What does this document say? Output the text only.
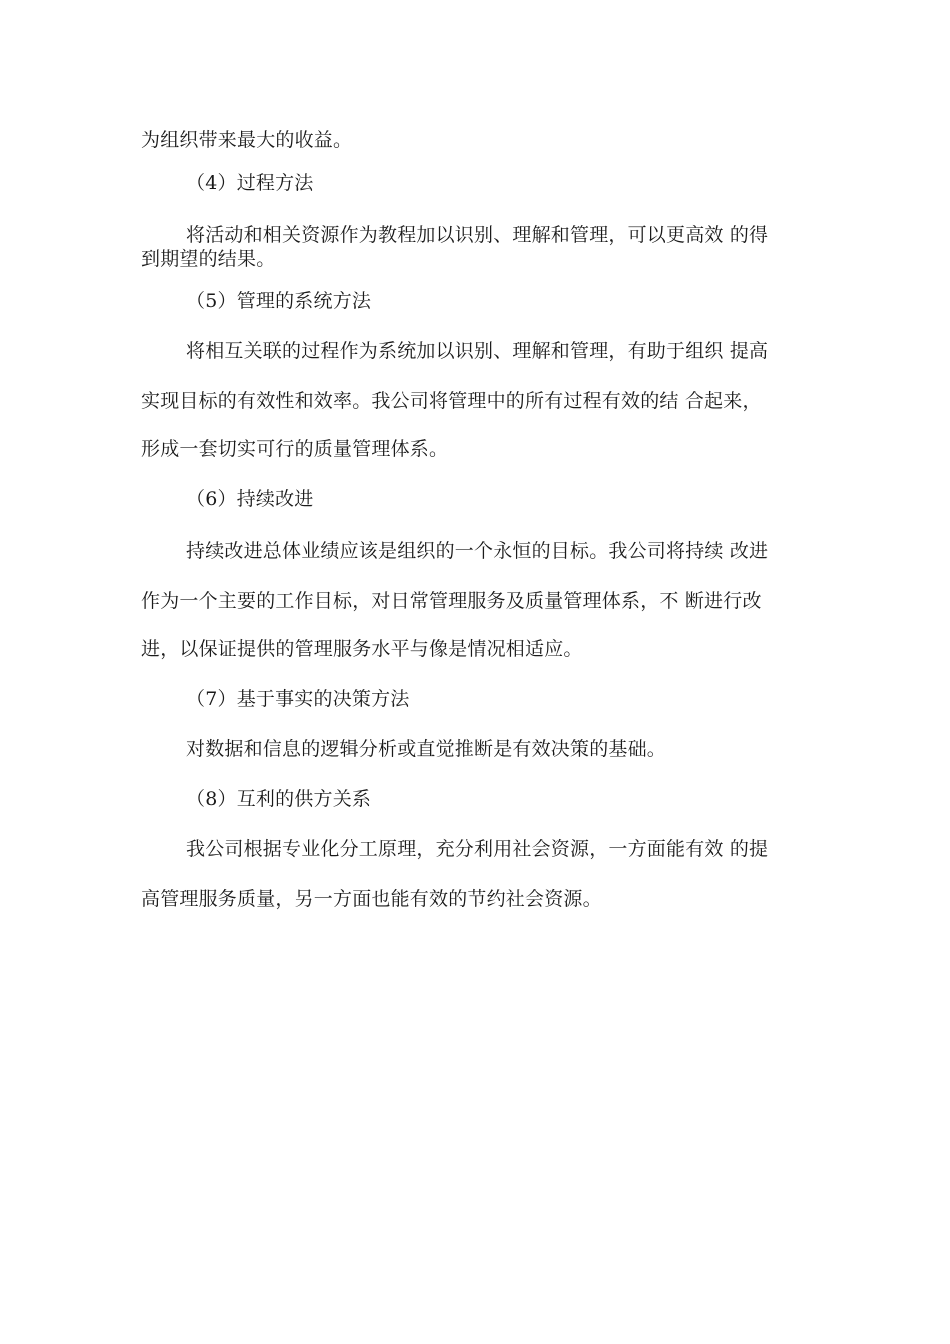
为组织带来最大的收益。
（4）过程方法
将活动和相关资源作为教程加以识别、理解和管理，可以更高效 的得
到期望的结果。
（5）管理的系统方法
将相互关联的过程作为系统加以识别、理解和管理，有助于组织 提高
实现目标的有效性和效率。我公司将管理中的所有过程有效的结 合起来，
形成一套切实可行的质量管理体系。
（6）持续改进
持续改进总体业绩应该是组织的一个永恒的目标。我公司将持续 改进
作为一个主要的工作目标，对日常管理服务及质量管理体系，不 断进行改
进，以保证提供的管理服务水平与像是情况相适应。
（7）基于事实的决策方法
对数据和信息的逻辑分析或直觉推断是有效决策的基础。
（8）互利的供方关系
我公司根据专业化分工原理，充分利用社会资源，一方面能有效 的提
高管理服务质量，另一方面也能有效的节约社会资源。
